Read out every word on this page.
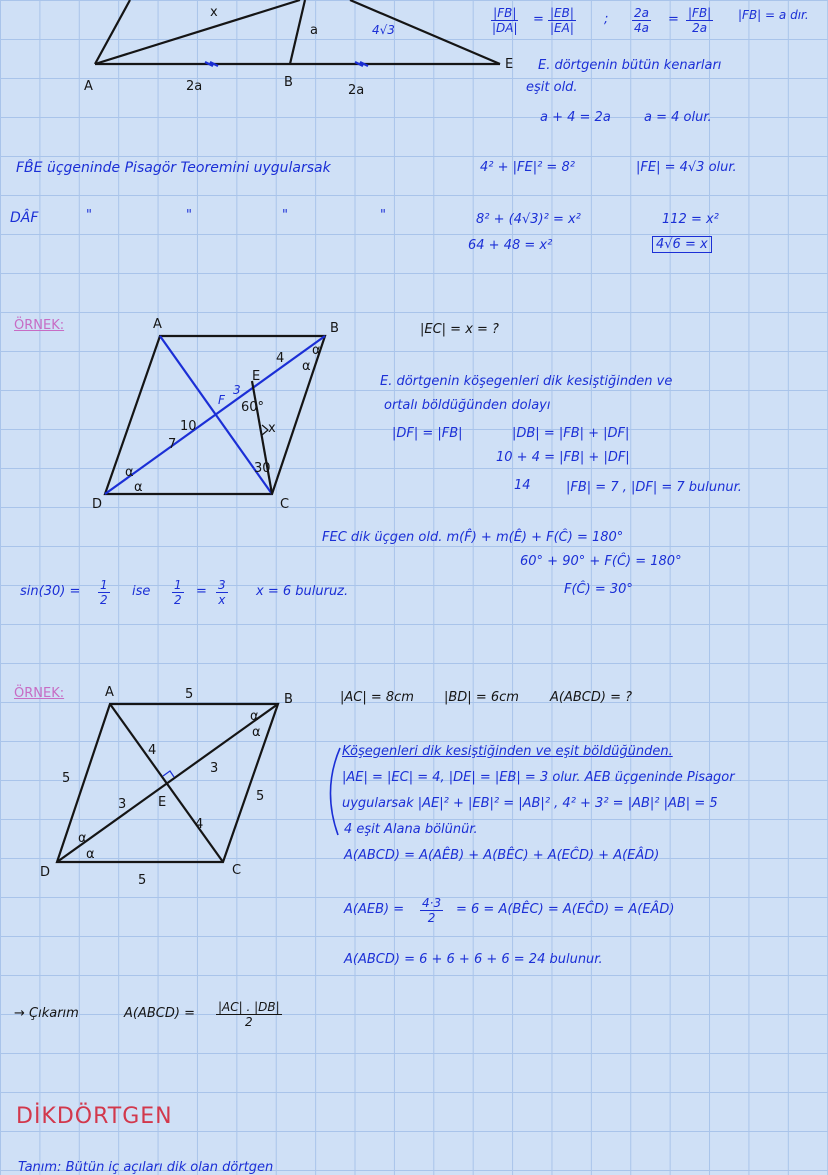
A	B
E
x
a
2a	2a
4√3
A	B
C
D
E
F
10
7
3
4
x
60°
30
α
α
α
α
A	B
C
D
E
5
5
5
5
4
4
3
3
α
α
α
α
$\frac{|FB|}{|DA|} = \frac{|EB|}{|EA|}$ ; $\frac{2a}{4a} = \frac{|FB|}{2a} |FB| = a$ dır.
E. dörtgenin bütün kenarları
eşit old.
a + 4 = 2a	a = 4 olur.
FB̂E üçgeninde Pisagör Teoremini uygularsak	4² + |FE|² = 8²	|FE| = 4√3 olur.
DÂF	"	"	"	"	8² + (4√3)² = x²
64 + 48 = x²
112 = x²
4√6 = x
ÖRNEK:	|EC| = x = ?
E. dörtgenin köşegenleri dik kesiştiğinden ve
ortalı böldüğünden dolayı
|DF| = |FB|	|DB| = |FB| + |DF|
10 + 4 = |FB| + |DF|
14	|FB| = 7 , |DF| = 7 bulunur.
FEC dik üçgen old. m(F̂) + m(Ê) + F(Ĉ) = 180°
60° + 90° + F(Ĉ) = 180°
F(Ĉ) = 30°
$\sin(30) = \frac{1}{2}$ ise $\frac{1}{2} = \frac{3}{x}$ x = 6 buluruz.
ÖRNEK:	|AC| = 8cm |BD| = 6cm A(ABCD) = ?
Köşegenleri dik kesiştiğinden ve eşit böldüğünden.
|AE| = |EC| = 4, |DE| = |EB| = 3 olur. AEB üçgeninde Pisagor
uygularsak |AE|² + |EB|² = |AB|² , 4² + 3² = |AB|² |AB| = 5
4 eşit Alana bölünür.
A(ABCD) = A(AÊB) + A(BÊC) + A(EĈD) + A(EÂD)
$A(AEB) = \frac{4\cdot 3}{2} = 6$ = A(BÊC) = A(EĈD) = A(EÂD)
A(ABCD) = 6 + 6 + 6 + 6 = 24 bulunur.
→ Çıkarım	A(ABCD) = $\frac{|AC| . |DB|}{2}$
DİKDÖRTGEN
Tanım: Bütün iç açıları dik olan dörtgen
